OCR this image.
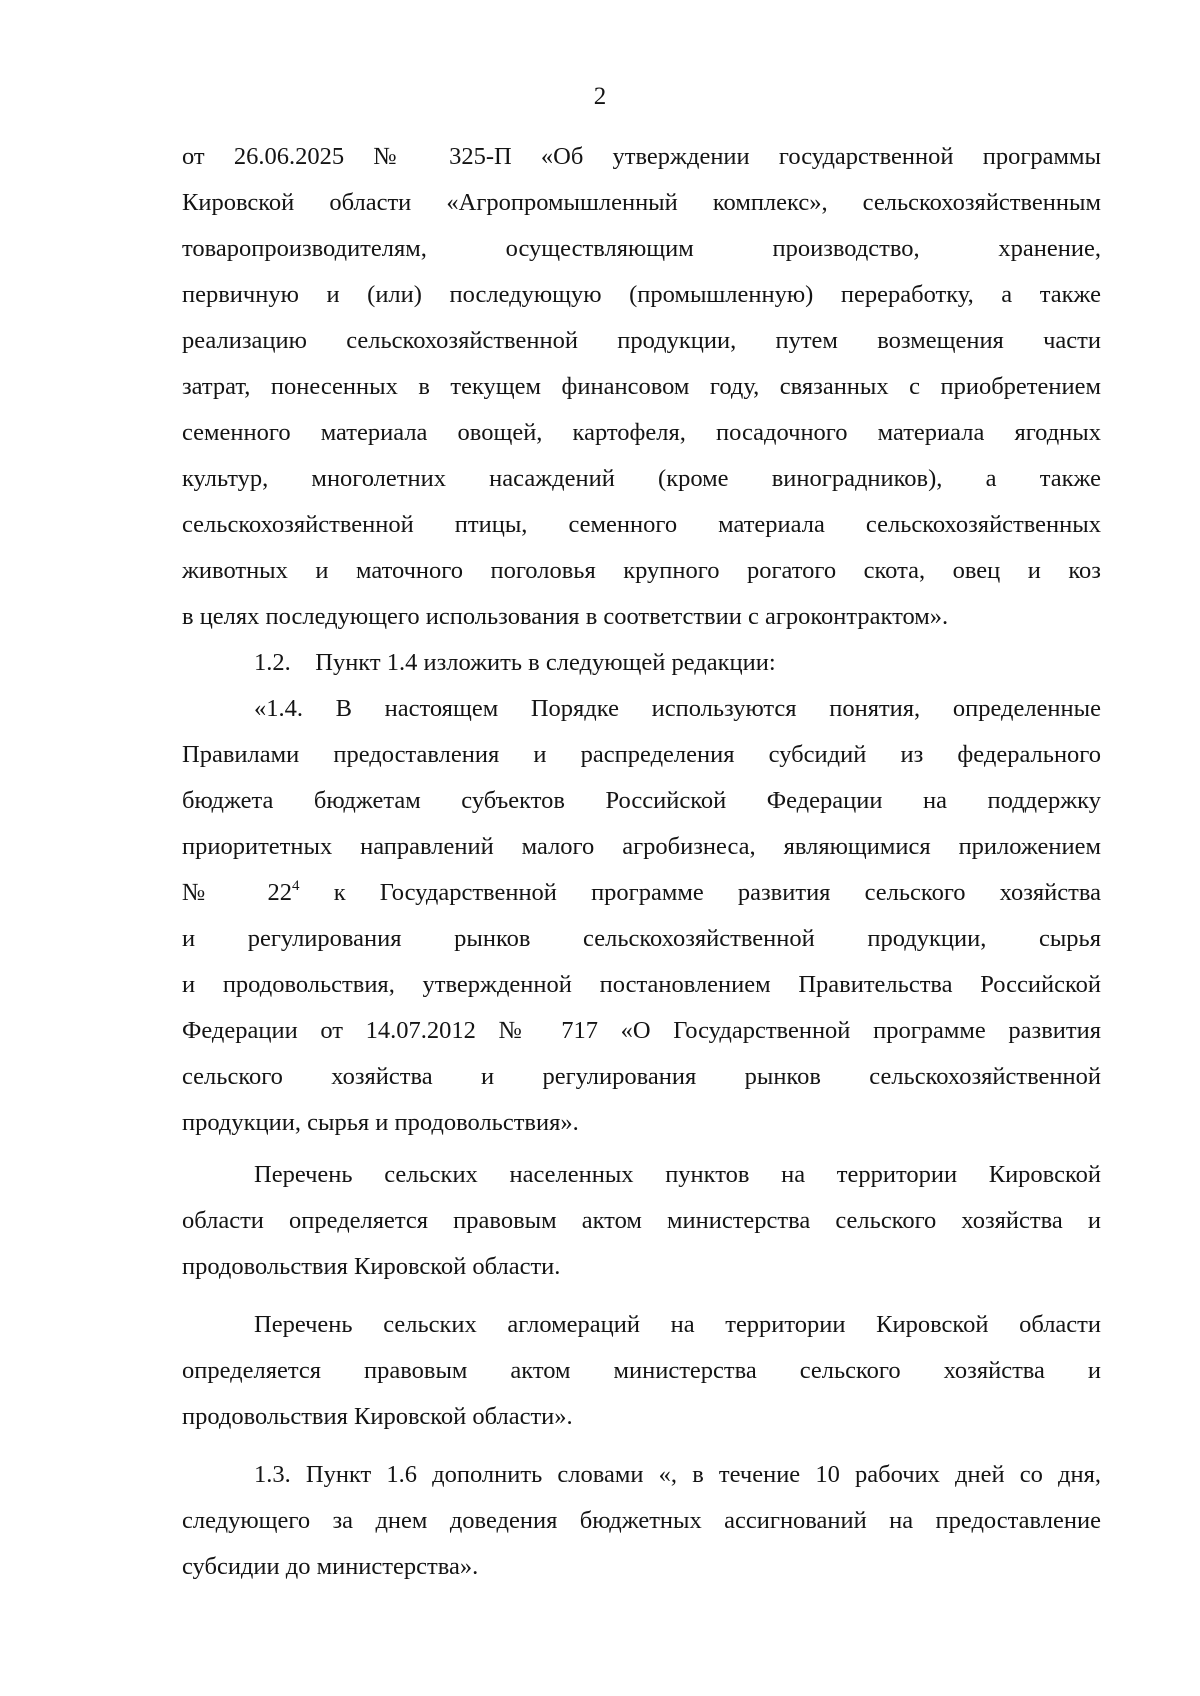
2
от 26.06.2025 № 325-П «Об утверждении государственной программы
Кировской области «Агропромышленный комплекс», сельскохозяйственным
товаропроизводителям, осуществляющим производство, хранение,
первичную и (или) последующую (промышленную) переработку, а также
реализацию сельскохозяйственной продукции, путем возмещения части
затрат, понесенных в текущем финансовом году, связанных с приобретением
семенного материала овощей, картофеля, посадочного материала ягодных
культур, многолетних насаждений (кроме виноградников), а также
сельскохозяйственной птицы, семенного материала сельскохозяйственных
животных и маточного поголовья крупного рогатого скота, овец и коз
в целях последующего использования в соответствии с агроконтрактом».
1.2.    Пункт 1.4 изложить в следующей редакции:
«1.4. В настоящем Порядке используются понятия, определенные
Правилами предоставления и распределения субсидий из федерального
бюджета бюджетам субъектов Российской Федерации на поддержку
приоритетных направлений малого агробизнеса, являющимися приложением
№ $22^4$ к Государственной программе развития сельского хозяйства
и регулирования рынков сельскохозяйственной продукции, сырья
и продовольствия, утвержденной постановлением Правительства Российской
Федерации от 14.07.2012 № 717 «О Государственной программе развития
сельского хозяйства и регулирования рынков сельскохозяйственной
продукции, сырья и продовольствия».
Перечень сельских населенных пунктов на территории Кировской
области определяется правовым актом министерства сельского хозяйства и
продовольствия Кировской области.
Перечень сельских агломераций на территории Кировской области
определяется правовым актом министерства сельского хозяйства и
продовольствия Кировской области».
1.3. Пункт 1.6 дополнить словами «, в течение 10 рабочих дней со дня,
следующего за днем доведения бюджетных ассигнований на предоставление
субсидии до министерства».
